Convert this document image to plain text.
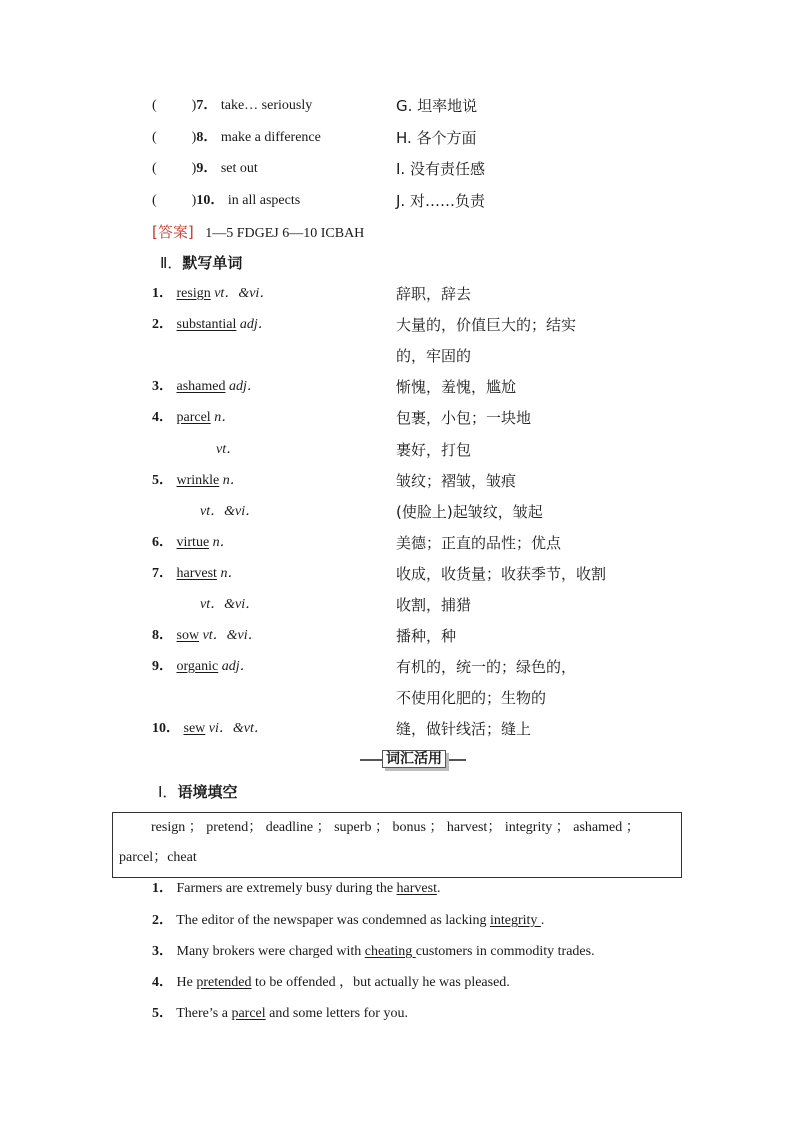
(	)7． take… seriously	G. 坦率地说
(	)8． make a difference	H. 各个方面
(	)9． set out	I. 没有责任感
(	)10． in all aspects	J. 对……负责
[答案] 1—5 FDGEJ 6—10 ICBAH
Ⅱ．默写单词
1． resign vt．&vi．	辞职，辞去
2． substantial adj．	大量的，价值巨大的；结实
的，牢固的
3． ashamed adj．	惭愧，羞愧，尴尬
4． parcel n．	包裹，小包；一块地
vt．	裹好，打包
5． wrinkle n．	皱纹；褶皱，皱痕
vt．&vi．	(使脸上)起皱纹，皱起
6． virtue n．	美德；正直的品性；优点
7． harvest n．	收成，收货量；收获季节，收割
vt．&vi．	收割，捕猎
8． sow vt．&vi．	播种，种
9． organic adj．	有机的，统一的；绿色的，
不使用化肥的；生物的
10． sew vi．&vt．	缝，做针线活；缝上
词汇活用
Ⅰ．语境填空
resign ； pretend； deadline ； superb ； bonus ； harvest； integrity ； ashamed ；
parcel；cheat
1． Farmers are extremely busy during the harvest.
2． The editor of the newspaper was condemned as lacking integrity .
3． Many brokers were charged with cheating customers in commodity trades.
4． He pretended to be offended ，but actually he was pleased.
5． There’s a parcel and some letters for you.
